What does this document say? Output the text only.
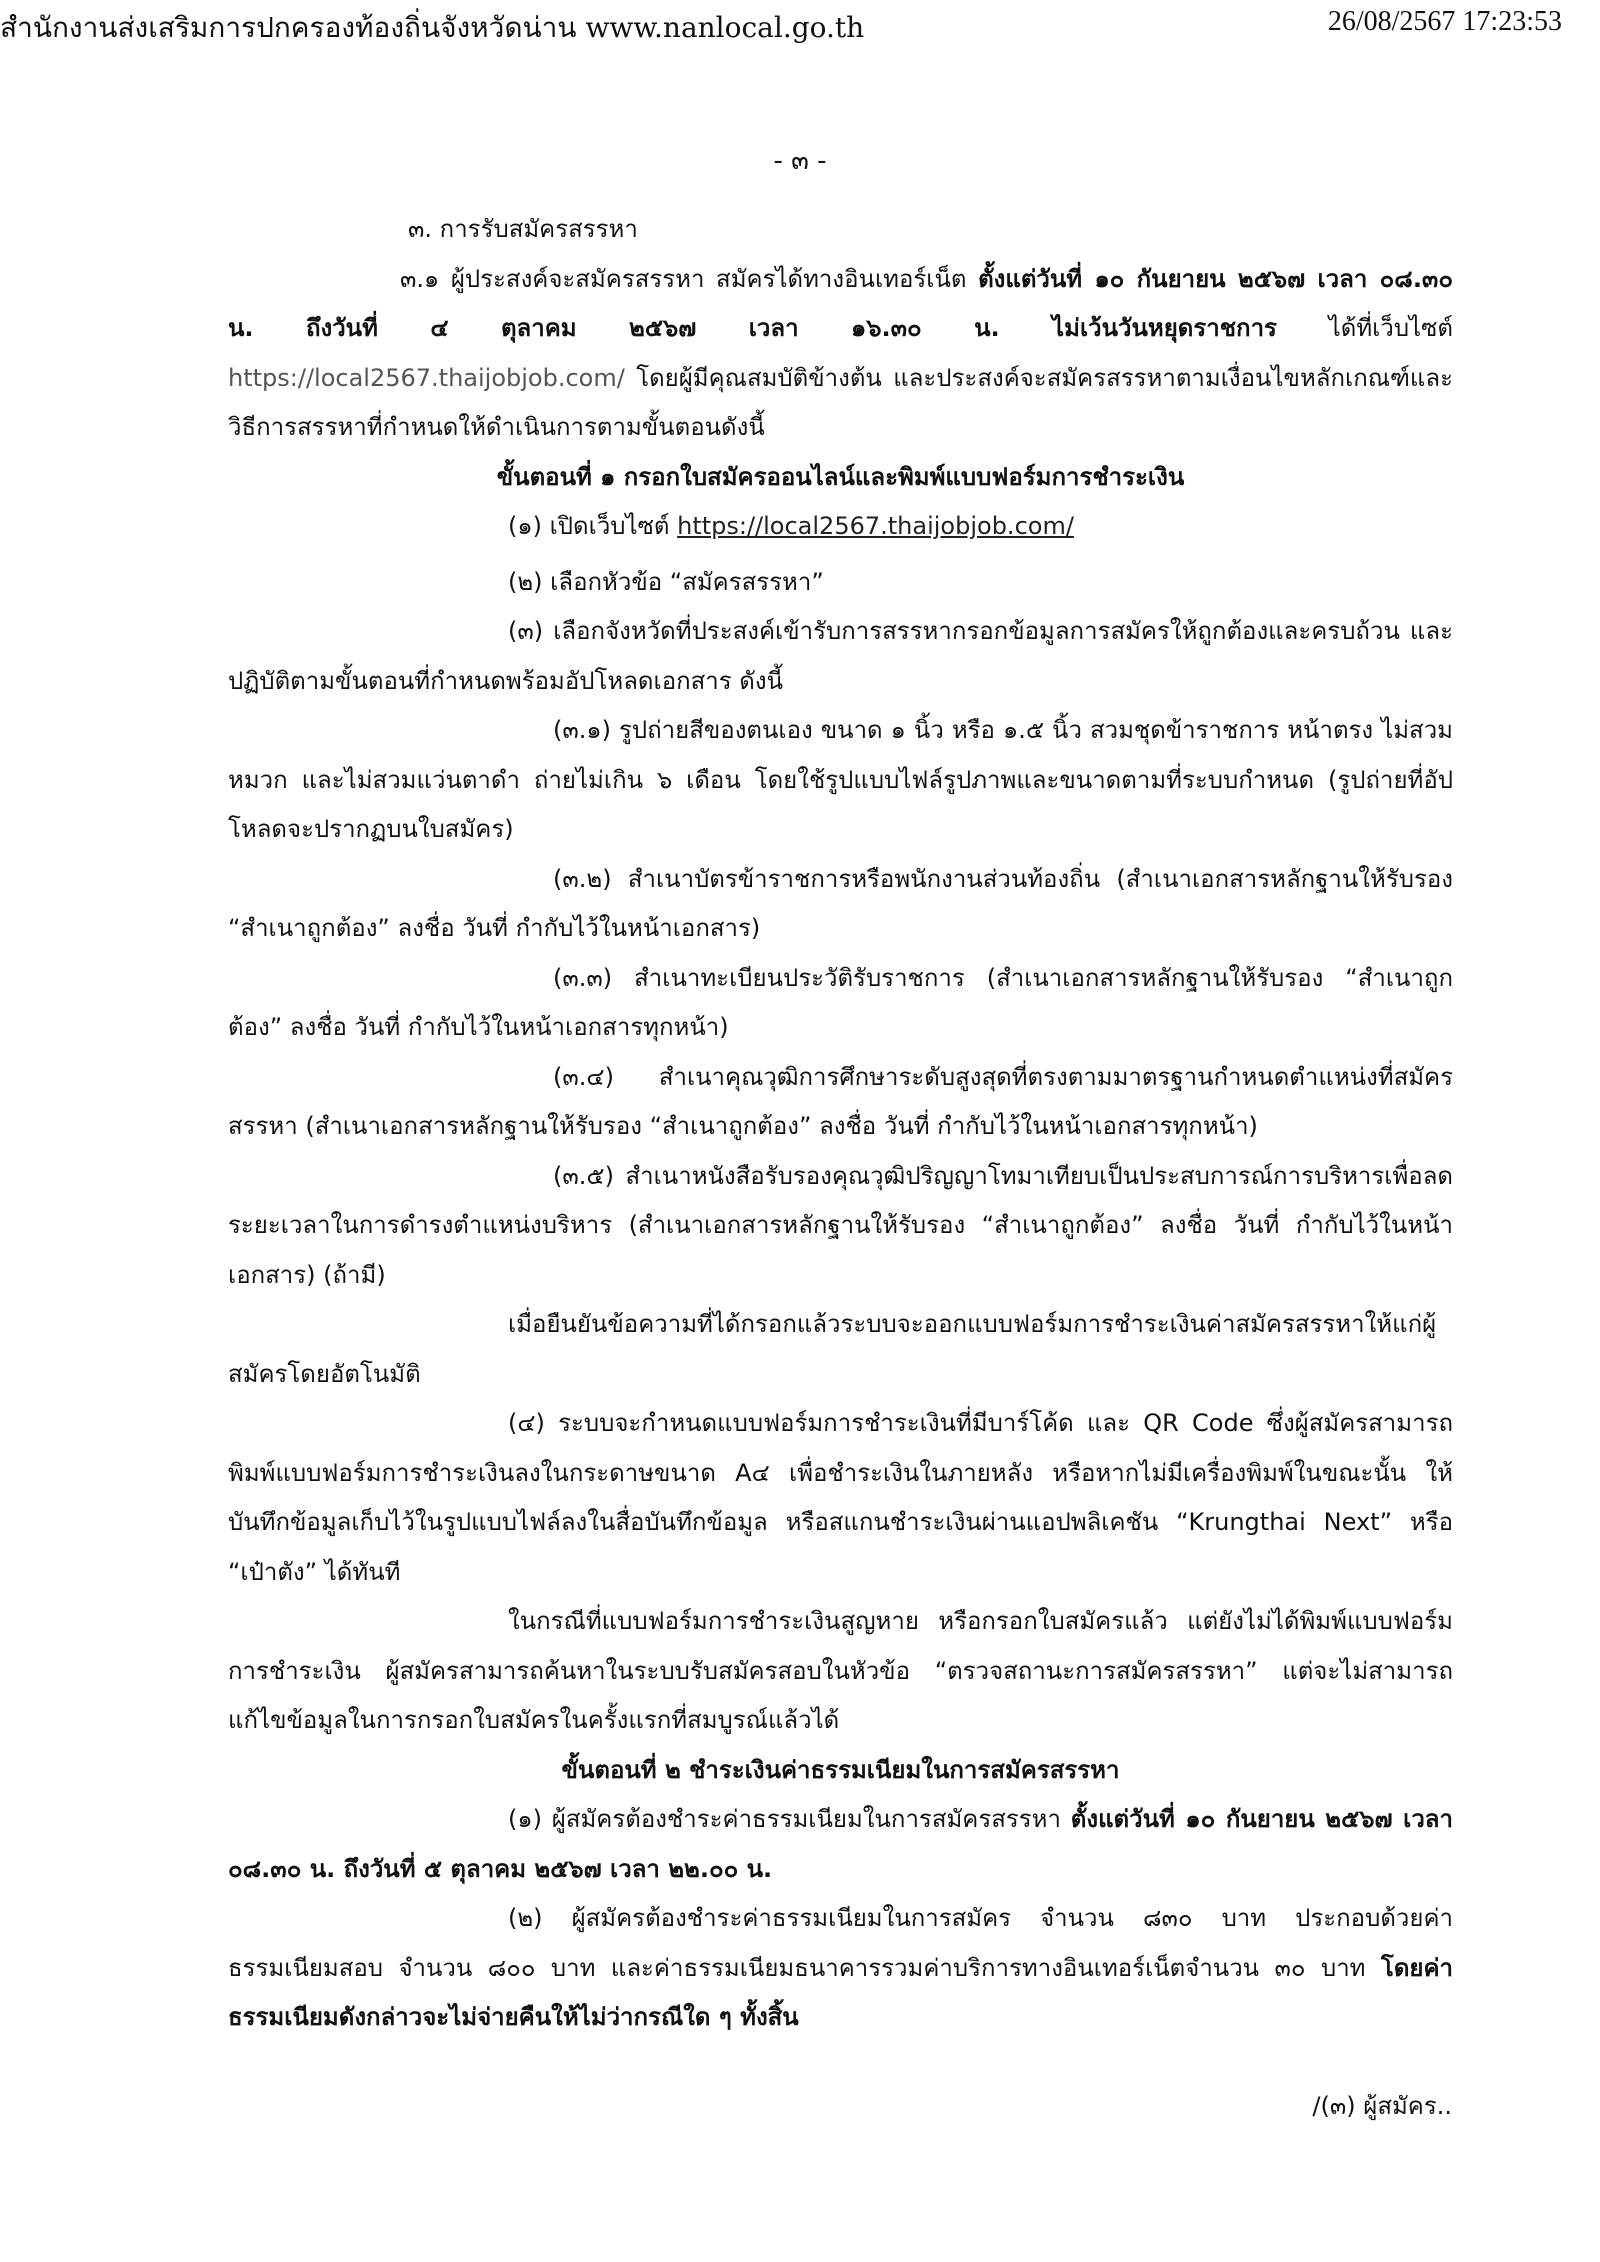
สำนักงานส่งเสริมการปกครองท้องถิ่นจังหวัดน่าน www.nanlocal.go.th	26/08/2567 17:23:53
- ๓ -

๓. การรับสมัครสรรหา

๓.๑ ผู้ประสงค์จะสมัครสรรหา สมัครได้ทางอินเทอร์เน็ต ตั้งแต่วันที่ ๑๐ กันยายน ๒๕๖๗ เวลา ๐๘.๓๐ น. ถึงวันที่ ๔ ตุลาคม ๒๕๖๗ เวลา ๑๖.๓๐ น. ไม่เว้นวันหยุดราชการ ได้ที่เว็บไซต์ https://local2567.thaijobjob.com/ โดยผู้มีคุณสมบัติข้างต้น และประสงค์จะสมัครสรรหาตามเงื่อนไขหลักเกณฑ์และวิธีการสรรหาที่กำหนดให้ดำเนินการตามขั้นตอนดังนี้

ขั้นตอนที่ ๑ กรอกใบสมัครออนไลน์และพิมพ์แบบฟอร์มการชำระเงิน

(๑) เปิดเว็บไซต์ https://local2567.thaijobjob.com/

(๒) เลือกหัวข้อ “สมัครสรรหา”

(๓) เลือกจังหวัดที่ประสงค์เข้ารับการสรรหากรอกข้อมูลการสมัครให้ถูกต้องและครบถ้วน และปฏิบัติตามขั้นตอนที่กำหนดพร้อมอัปโหลดเอกสาร ดังนี้

(๓.๑) รูปถ่ายสีของตนเอง ขนาด ๑ นิ้ว หรือ ๑.๕ นิ้ว สวมชุดข้าราชการ หน้าตรง ไม่สวมหมวก และไม่สวมแว่นตาดำ ถ่ายไม่เกิน ๖ เดือน โดยใช้รูปแบบไฟล์รูปภาพและขนาดตามที่ระบบกำหนด (รูปถ่ายที่อัปโหลดจะปรากฏบนใบสมัคร)

(๓.๒) สำเนาบัตรข้าราชการหรือพนักงานส่วนท้องถิ่น (สำเนาเอกสารหลักฐานให้รับรอง “สำเนาถูกต้อง” ลงชื่อ วันที่ กำกับไว้ในหน้าเอกสาร)

(๓.๓) สำเนาทะเบียนประวัติรับราชการ (สำเนาเอกสารหลักฐานให้รับรอง “สำเนาถูกต้อง” ลงชื่อ วันที่ กำกับไว้ในหน้าเอกสารทุกหน้า)

(๓.๔) สำเนาคุณวุฒิการศึกษาระดับสูงสุดที่ตรงตามมาตรฐานกำหนดตำแหน่งที่สมัครสรรหา (สำเนาเอกสารหลักฐานให้รับรอง “สำเนาถูกต้อง” ลงชื่อ วันที่ กำกับไว้ในหน้าเอกสารทุกหน้า)

(๓.๕) สำเนาหนังสือรับรองคุณวุฒิปริญญาโทมาเทียบเป็นประสบการณ์การบริหารเพื่อลดระยะเวลาในการดำรงตำแหน่งบริหาร (สำเนาเอกสารหลักฐานให้รับรอง “สำเนาถูกต้อง” ลงชื่อ วันที่ กำกับไว้ในหน้าเอกสาร) (ถ้ามี)

เมื่อยืนยันข้อความที่ได้กรอกแล้วระบบจะออกแบบฟอร์มการชำระเงินค่าสมัครสรรหาให้แก่ผู้สมัครโดยอัตโนมัติ

(๔) ระบบจะกำหนดแบบฟอร์มการชำระเงินที่มีบาร์โค้ด และ QR Code ซึ่งผู้สมัครสามารถพิมพ์แบบฟอร์มการชำระเงินลงในกระดาษขนาด A๔ เพื่อชำระเงินในภายหลัง หรือหากไม่มีเครื่องพิมพ์ในขณะนั้น ให้บันทึกข้อมูลเก็บไว้ในรูปแบบไฟล์ลงในสื่อบันทึกข้อมูล หรือสแกนชำระเงินผ่านแอปพลิเคชัน “Krungthai Next” หรือ “เป๋าตัง” ได้ทันที

ในกรณีที่แบบฟอร์มการชำระเงินสูญหาย หรือกรอกใบสมัครแล้ว แต่ยังไม่ได้พิมพ์แบบฟอร์มการชำระเงิน ผู้สมัครสามารถค้นหาในระบบรับสมัครสอบในหัวข้อ “ตรวจสถานะการสมัครสรรหา” แต่จะไม่สามารถแก้ไขข้อมูลในการกรอกใบสมัครในครั้งแรกที่สมบูรณ์แล้วได้

ขั้นตอนที่ ๒ ชำระเงินค่าธรรมเนียมในการสมัครสรรหา

(๑) ผู้สมัครต้องชำระค่าธรรมเนียมในการสมัครสรรหา ตั้งแต่วันที่ ๑๐ กันยายน ๒๕๖๗ เวลา ๐๘.๓๐ น. ถึงวันที่ ๕ ตุลาคม ๒๕๖๗ เวลา ๒๒.๐๐ น.

(๒) ผู้สมัครต้องชำระค่าธรรมเนียมในการสมัคร จำนวน ๘๓๐ บาท ประกอบด้วยค่าธรรมเนียมสอบ จำนวน ๘๐๐ บาท และค่าธรรมเนียมธนาคารรวมค่าบริการทางอินเทอร์เน็ตจำนวน ๓๐ บาท โดยค่าธรรมเนียมดังกล่าวจะไม่จ่ายคืนให้ไม่ว่ากรณีใด ๆ ทั้งสิ้น

/(๓) ผู้สมัคร..
